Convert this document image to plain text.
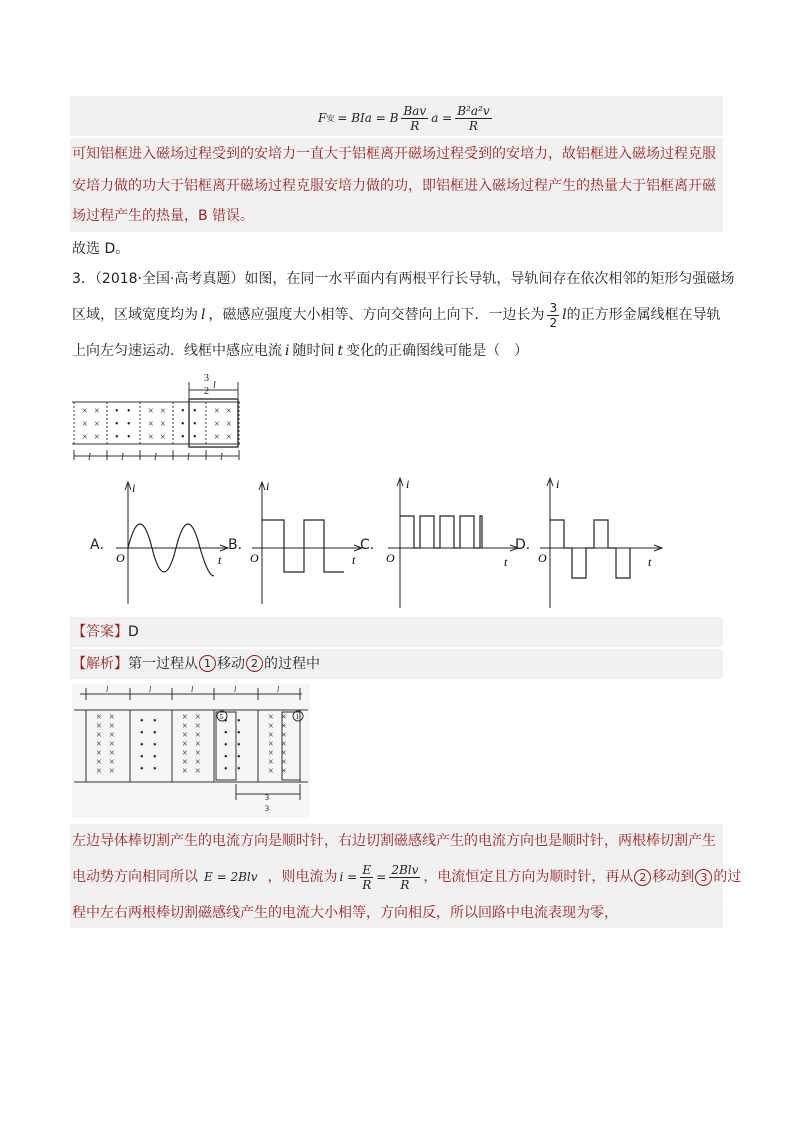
F 安 = BIa = B $\frac{\text{Bav}}{R}$ $a = \frac{\text{B²a²v}}{R}$
可知铝框进入磁场过程受到的安培力一直大于铝框离开磁场过程受到的安培力，故铝框进入磁场过程克服
安培力做的功大于铝框离开磁场过程克服安培力做的功，即铝框进入磁场过程产生的热量大于铝框离开磁
场过程产生的热量，B 错误。
故选 D。
3．（2018·全国·高考真题）如图，在同一水平面内有两根平行长导轨，导轨间存在依次相邻的矩形匀强磁场
区域，区域宽度均为 l ，磁感应强度大小相等、方向交替向上向下．一边长为 $\frac{3}{2}$ l 的正方形金属线框在导轨
上向左匀速运动．线框中感应电流 i 随时间 t 变化的正确图线可能是（　）
3
2
l
l	l	l	l	l
× ×
× ×
× ×
• •
• •
• •
× ×
× ×
× ×
• •
• •
• •
× ×
× ×
× ×
A．	B．	C．	D．
i
O	t
i
O	t
i
O	t
i
O	t
【答案】D
【解析】第一过程从 1 移动 2 的过程中
l	l	l	l	l
5	1
3
3
× ×
× ×
× ×
× ×
× ×
× ×
× ×
• •
• •
• •
• •
• •
× ×
× ×
× ×
× ×
× ×
× ×
× ×
• •
• •
• •
• •
• •
× ×
× ×
× ×
× ×
× ×
× ×
× ×
左边导体棒切割产生的电流方向是顺时针，右边切割磁感线产生的电流方向也是顺时针，两根棒切割产生
电动势方向相同所以 E = 2Blv ，则电流为 $i = \frac{E}{R} = \frac{\text{2Blv}}{R}$ ，电流恒定且方向为顺时针，再从 2 移动到 3 的过
程中左右两根棒切割磁感线产生的电流大小相等，方向相反，所以回路中电流表现为零，
